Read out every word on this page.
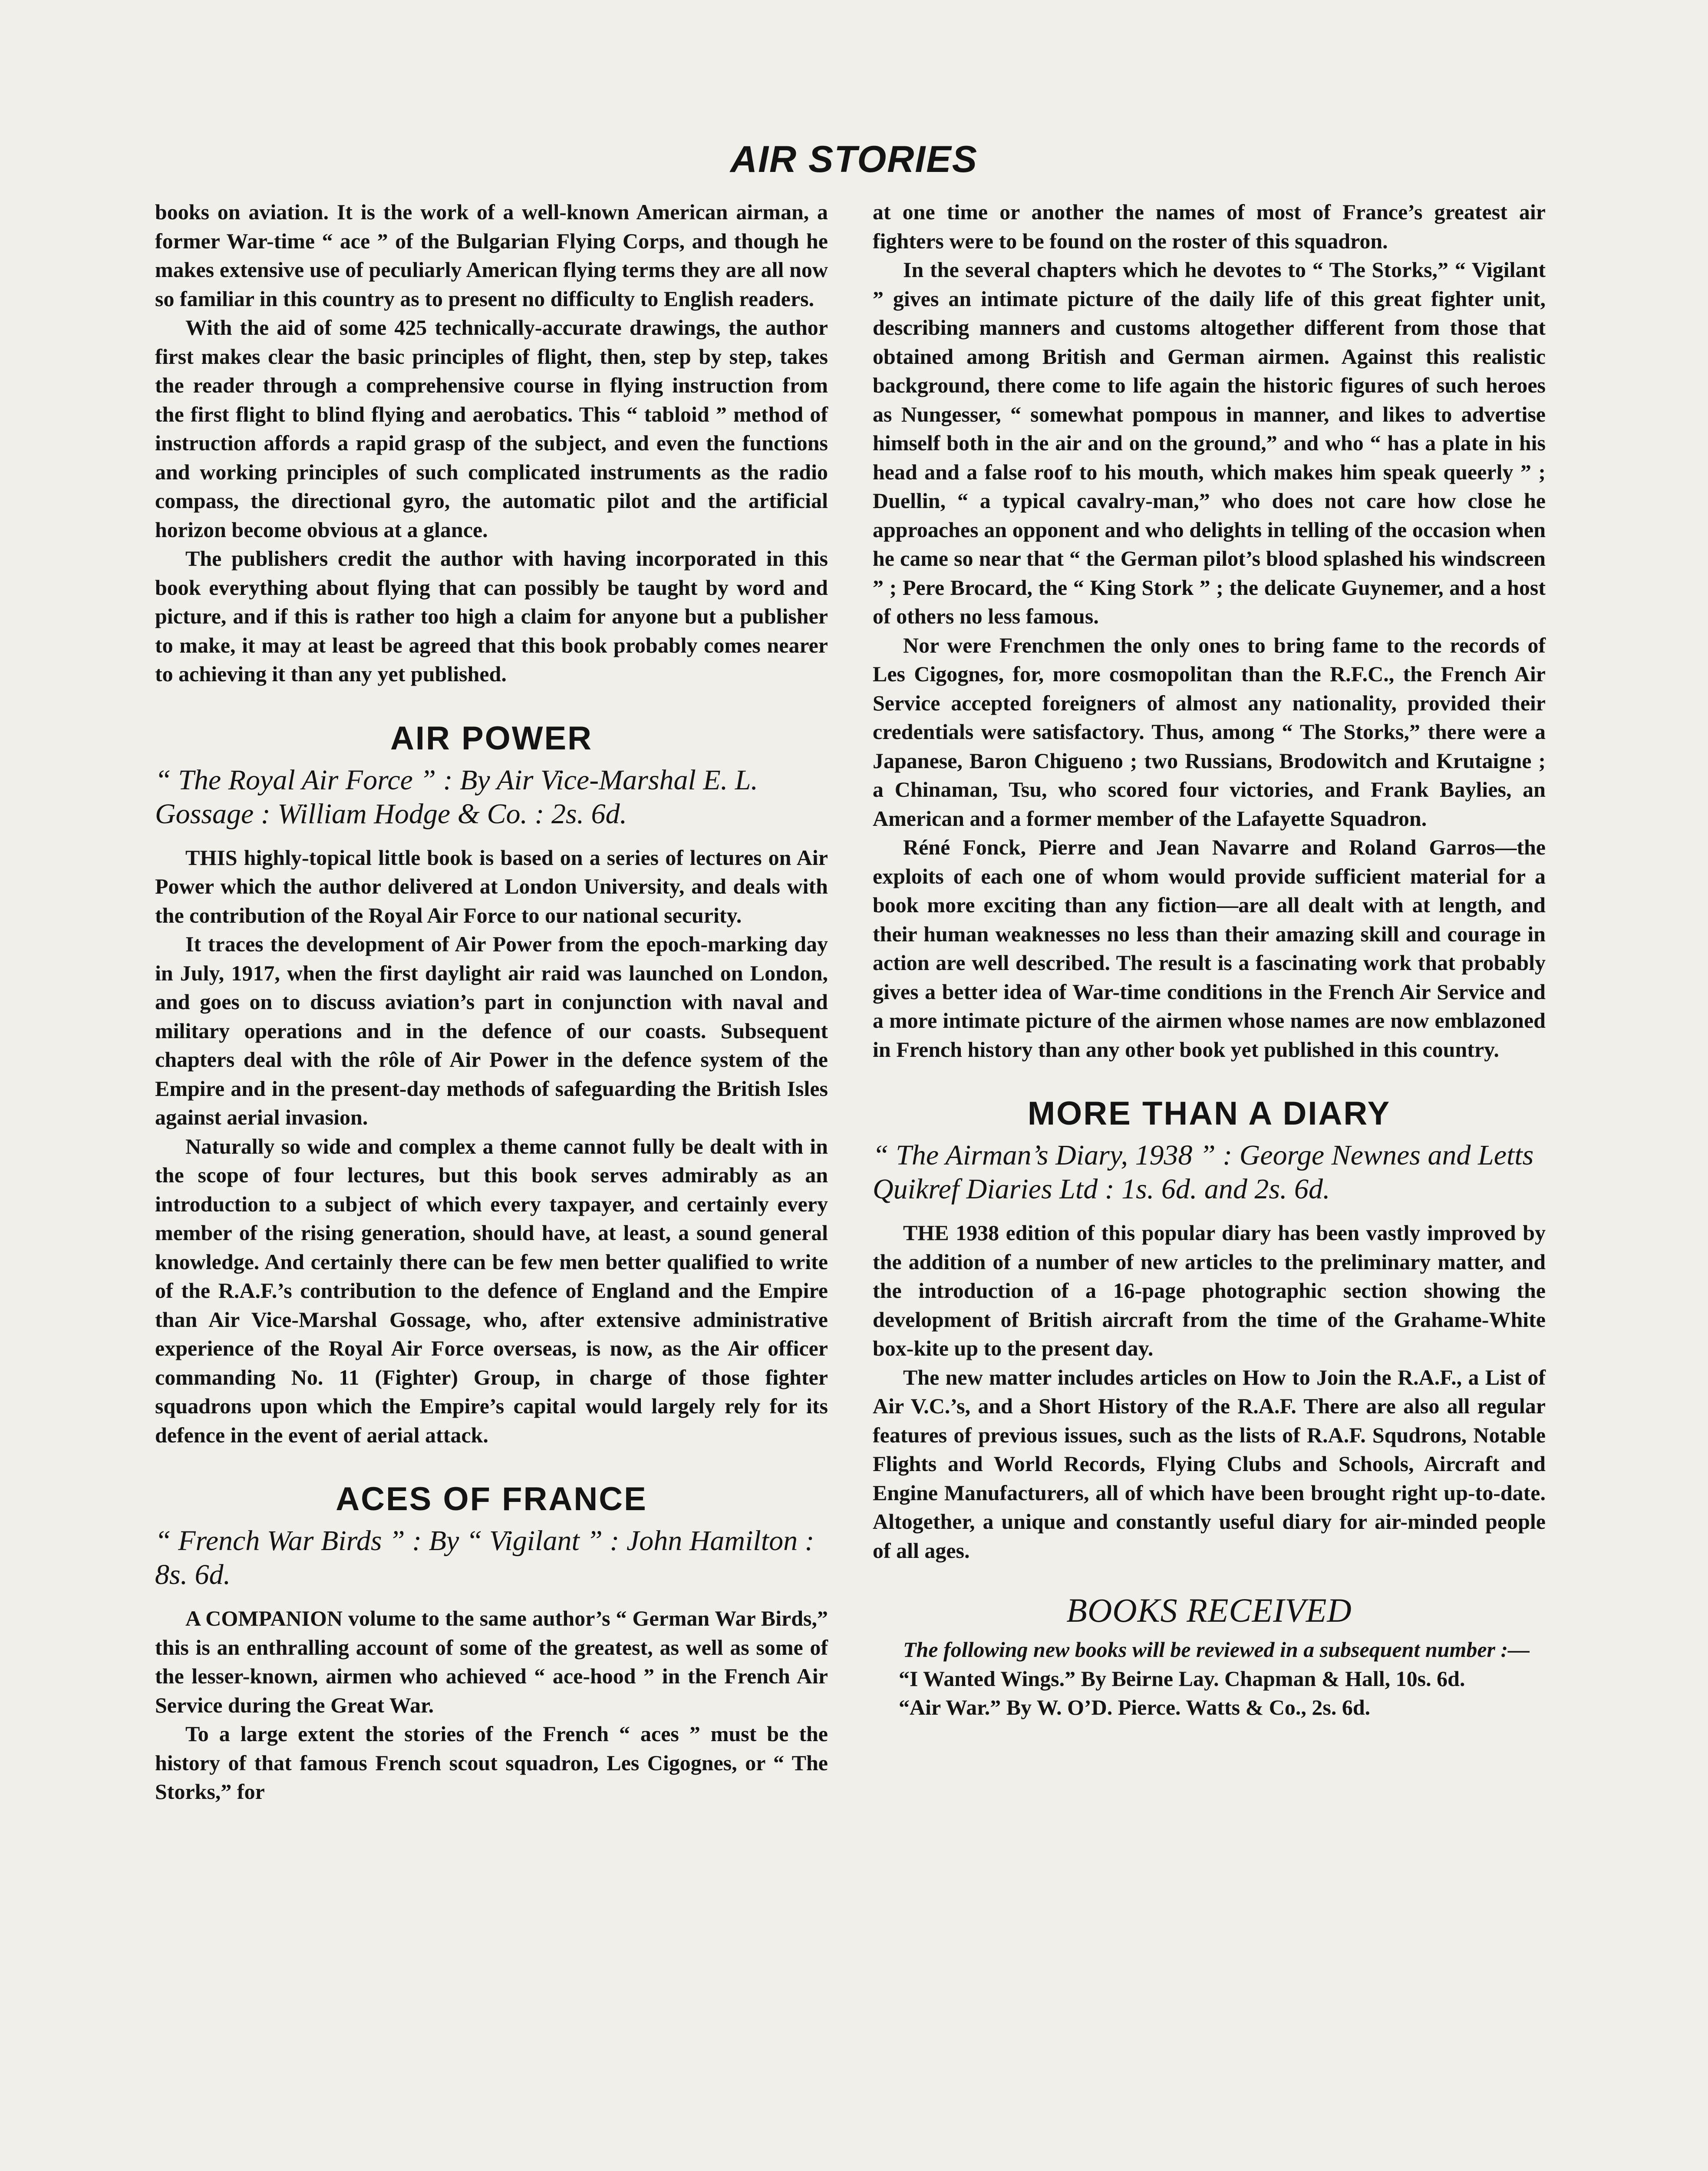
AIR STORIES

books on aviation. It is the work of a well-known American airman, a former War-time “ ace ” of the Bulgarian Flying Corps, and though he makes extensive use of peculiarly American flying terms they are all now so familiar in this country as to present no difficulty to English readers.

With the aid of some 425 technically-accurate drawings, the author first makes clear the basic principles of flight, then, step by step, takes the reader through a comprehensive course in flying instruction from the first flight to blind flying and aerobatics. This “ tabloid ” method of instruction affords a rapid grasp of the subject, and even the functions and working principles of such complicated instruments as the radio compass, the directional gyro, the automatic pilot and the artificial horizon become obvious at a glance.

The publishers credit the author with having incorporated in this book everything about flying that can possibly be taught by word and picture, and if this is rather too high a claim for anyone but a publisher to make, it may at least be agreed that this book probably comes nearer to achieving it than any yet published.

AIR POWER
“ The Royal Air Force ” : By Air Vice-Marshal E. L. Gossage : William Hodge & Co. : 2s. 6d.

THIS highly-topical little book is based on a series of lectures on Air Power which the author delivered at London University, and deals with the contribution of the Royal Air Force to our national security.

It traces the development of Air Power from the epoch-marking day in July, 1917, when the first daylight air raid was launched on London, and goes on to discuss aviation’s part in conjunction with naval and military operations and in the defence of our coasts. Subsequent chapters deal with the rôle of Air Power in the defence system of the Empire and in the present-day methods of safeguarding the British Isles against aerial invasion.

Naturally so wide and complex a theme cannot fully be dealt with in the scope of four lectures, but this book serves admirably as an introduction to a subject of which every taxpayer, and certainly every member of the rising generation, should have, at least, a sound general knowledge. And certainly there can be few men better qualified to write of the R.A.F.’s contribution to the defence of England and the Empire than Air Vice-Marshal Gossage, who, after extensive administrative experience of the Royal Air Force overseas, is now, as the Air officer commanding No. 11 (Fighter) Group, in charge of those fighter squadrons upon which the Empire’s capital would largely rely for its defence in the event of aerial attack.

ACES OF FRANCE
“ French War Birds ” : By “ Vigilant ” : John Hamilton : 8s. 6d.

A COMPANION volume to the same author’s “ German War Birds,” this is an enthralling account of some of the greatest, as well as some of the lesser-known, airmen who achieved “ ace-hood ” in the French Air Service during the Great War.

To a large extent the stories of the French “ aces ” must be the history of that famous French scout squadron, Les Cigognes, or “ The Storks,” for

at one time or another the names of most of France’s greatest air fighters were to be found on the roster of this squadron.

In the several chapters which he devotes to “ The Storks,” “ Vigilant ” gives an intimate picture of the daily life of this great fighter unit, describing manners and customs altogether different from those that obtained among British and German airmen. Against this realistic background, there come to life again the historic figures of such heroes as Nungesser, “ somewhat pompous in manner, and likes to advertise himself both in the air and on the ground,” and who “ has a plate in his head and a false roof to his mouth, which makes him speak queerly ” ; Duellin, “ a typical cavalry-man,” who does not care how close he approaches an opponent and who delights in telling of the occasion when he came so near that “ the German pilot’s blood splashed his windscreen ” ; Pere Brocard, the “ King Stork ” ; the delicate Guynemer, and a host of others no less famous.

Nor were Frenchmen the only ones to bring fame to the records of Les Cigognes, for, more cosmopolitan than the R.F.C., the French Air Service accepted foreigners of almost any nationality, provided their credentials were satisfactory. Thus, among “ The Storks,” there were a Japanese, Baron Chigueno ; two Russians, Brodowitch and Krutaigne ; a Chinaman, Tsu, who scored four victories, and Frank Baylies, an American and a former member of the Lafayette Squadron.

Réné Fonck, Pierre and Jean Navarre and Roland Garros—the exploits of each one of whom would provide sufficient material for a book more exciting than any fiction—are all dealt with at length, and their human weaknesses no less than their amazing skill and courage in action are well described. The result is a fascinating work that probably gives a better idea of War-time conditions in the French Air Service and a more intimate picture of the airmen whose names are now emblazoned in French history than any other book yet published in this country.

MORE THAN A DIARY
“ The Airman’s Diary, 1938 ” : George Newnes and Letts Quikref Diaries Ltd : 1s. 6d. and 2s. 6d.

THE 1938 edition of this popular diary has been vastly improved by the addition of a number of new articles to the preliminary matter, and the introduction of a 16-page photographic section showing the development of British aircraft from the time of the Grahame-White box-kite up to the present day.

The new matter includes articles on How to Join the R.A.F., a List of Air V.C.’s, and a Short History of the R.A.F. There are also all regular features of previous issues, such as the lists of R.A.F. Squdrons, Notable Flights and World Records, Flying Clubs and Schools, Aircraft and Engine Manufacturers, all of which have been brought right up-to-date. Altogether, a unique and constantly useful diary for air-minded people of all ages.

BOOKS RECEIVED

The following new books will be reviewed in a subsequent number :—

“I Wanted Wings.” By Beirne Lay. Chapman & Hall, 10s. 6d.

“Air War.” By W. O’D. Pierce. Watts & Co., 2s. 6d.
